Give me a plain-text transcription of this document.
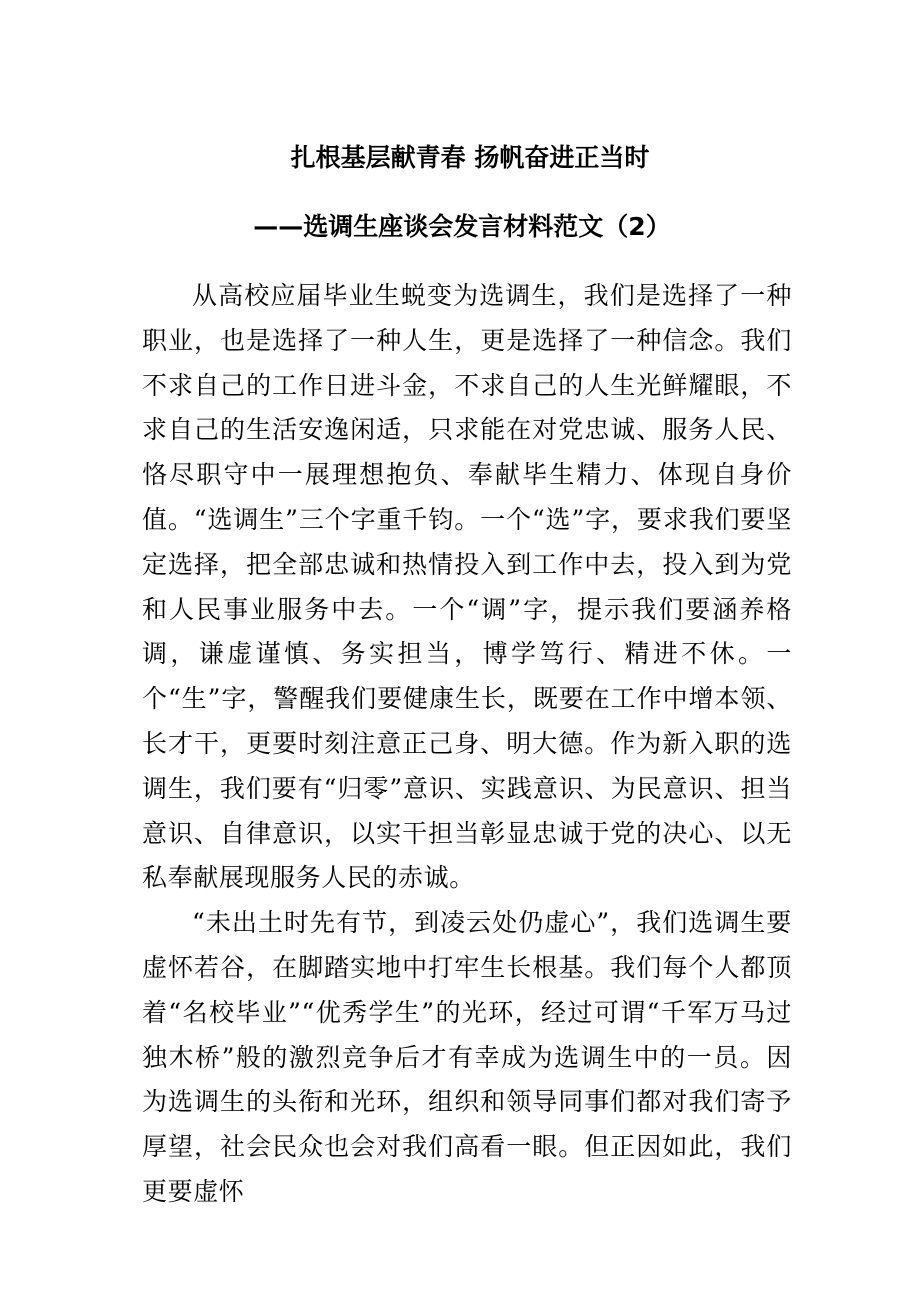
扎根基层献青春 扬帆奋进正当时
——选调生座谈会发言材料范文（2）

从高校应届毕业生蜕变为选调生，我们是选择了一种职业，也是选择了一种人生，更是选择了一种信念。我们不求自己的工作日进斗金，不求自己的人生光鲜耀眼，不求自己的生活安逸闲适，只求能在对党忠诚、服务人民、恪尽职守中一展理想抱负、奉献毕生精力、体现自身价值。“选调生”三个字重千钧。一个“选”字，要求我们要坚定选择，把全部忠诚和热情投入到工作中去，投入到为党和人民事业服务中去。一个“调”字，提示我们要涵养格调，谦虚谨慎、务实担当，博学笃行、精进不休。一个“生”字，警醒我们要健康生长，既要在工作中增本领、长才干，更要时刻注意正己身、明大德。作为新入职的选调生，我们要有“归零”意识、实践意识、为民意识、担当意识、自律意识，以实干担当彰显忠诚于党的决心、以无私奉献展现服务人民的赤诚。

“未出土时先有节，到凌云处仍虚心”，我们选调生要虚怀若谷，在脚踏实地中打牢生长根基。我们每个人都顶着“名校毕业”“优秀学生”的光环，经过可谓“千军万马过独木桥”般的激烈竞争后才有幸成为选调生中的一员。因为选调生的头衔和光环，组织和领导同事们都对我们寄予厚望，社会民众也会对我们高看一眼。但正因如此，我们更要虚怀
